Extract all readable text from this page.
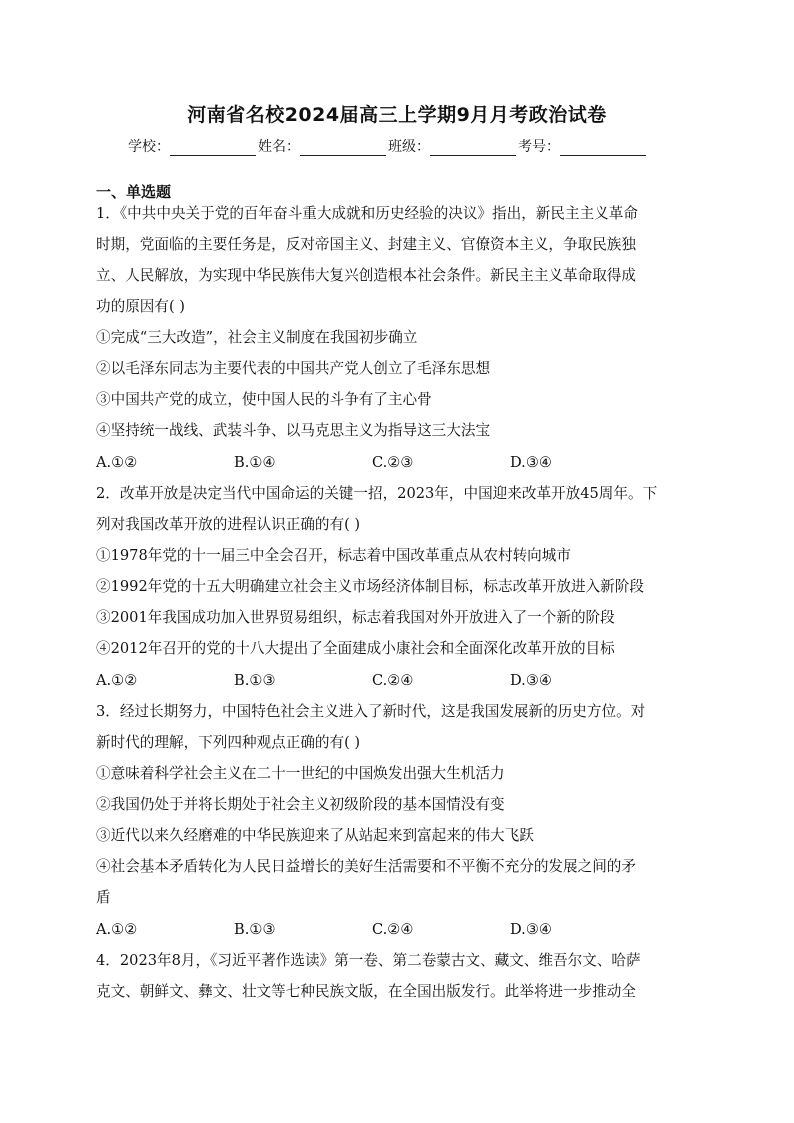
河南省名校2024届高三上学期9月月考政治试卷
学校：	姓名：	班级：	考号：
一、单选题
1．《中共中央关于党的百年奋斗重大成就和历史经验的决议》指出，新民主主义革命
时期，党面临的主要任务是，反对帝国主义、封建主义、官僚资本主义，争取民族独
立、人民解放，为实现中华民族伟大复兴创造根本社会条件。新民主主义革命取得成
功的原因有( )
①完成“三大改造”，社会主义制度在我国初步确立
②以毛泽东同志为主要代表的中国共产党人创立了毛泽东思想
③中国共产党的成立，使中国人民的斗争有了主心骨
④坚持统一战线、武装斗争、以马克思主义为指导这三大法宝
A.①②	B.①④	C.②③	D.③④
2．改革开放是决定当代中国命运的关键一招，2023年，中国迎来改革开放45周年。下
列对我国改革开放的进程认识正确的有( )
①1978年党的十一届三中全会召开，标志着中国改革重点从农村转向城市
②1992年党的十五大明确建立社会主义市场经济体制目标，标志改革开放进入新阶段
③2001年我国成功加入世界贸易组织，标志着我国对外开放进入了一个新的阶段
④2012年召开的党的十八大提出了全面建成小康社会和全面深化改革开放的目标
A.①②	B.①③	C.②④	D.③④
3．经过长期努力，中国特色社会主义进入了新时代，这是我国发展新的历史方位。对
新时代的理解，下列四种观点正确的有( )
①意味着科学社会主义在二十一世纪的中国焕发出强大生机活力
②我国仍处于并将长期处于社会主义初级阶段的基本国情没有变
③近代以来久经磨难的中华民族迎来了从站起来到富起来的伟大飞跃
④社会基本矛盾转化为人民日益增长的美好生活需要和不平衡不充分的发展之间的矛
盾
A.①②	B.①③	C.②④	D.③④
4．2023年8月，《习近平著作选读》第一卷、第二卷蒙古文、藏文、维吾尔文、哈萨
克文、朝鲜文、彝文、壮文等七种民族文版，在全国出版发行。此举将进一步推动全
